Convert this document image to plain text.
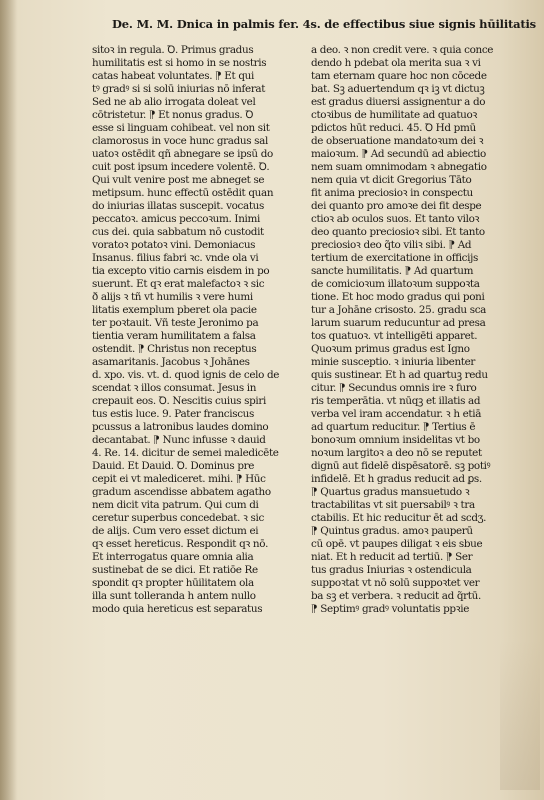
De. M. M. Dnica in palmis fer. 4s. de effectibus siue signis hūilitatis
sitoꝛ in regula. Ꝺ. Primus gradus
humilitatis est si homo in se nostris
catas habeat voluntates. ⁋ Et qui
tꝰ gradꝰ si si solū iniurias nō inferat
Sed ne ab alio irrogata doleat vel
cōtristetur. ⁋ Et nonus gradus. Ꝺ
esse si linguam cohibeat. vel non sit
clamorosus in voce hunc gradus sal
uatoꝛ ostēdit qñ abnegare se ipsū do
cuit post ipsum incedere volentē. Ꝺ.
Qui vult venire post me abneget se
metipsum. hunc effectū ostēdit quan
do iniurias illatas suscepit. vocatus
peccatoꝛ. amicus peccoꝛum. Inimi
cus dei. quia sabbatum nō custodit
voratoꝛ potatoꝛ vini. Demoniacus
Insanus. filius fabri ꝛc. vnde ola vi
tia excepto vitio carnis eisdem in po
suerunt. Et qꝛ erat malefactoꝛ ꝛ sic
ð alijs ꝛ tñ vt humilis ꝛ vere humi
litatis exemplum pberet ola pacie
ter poꝛtauit. Vñ teste Jeronimo pa
tientia veram humilitatem a falsa
ostendit. ⁋ Christus non receptus
asamaritanis. Jacobus ꝛ Johānes
d. xpo. vis. vt. d. quod ignis de celo de
scendat ꝛ illos consumat. Jesus in
crepauit eos. Ꝺ. Nescitis cuius spiri
tus estis luce. 9. Pater franciscus
pcussus a latronibus laudes domino
decantabat. ⁋ Nunc infusse ꝛ dauid
4. Re. 14. dicitur de semei maledicēte
Dauid. Et Dauid. Ꝺ. Dominus pre
cepit ei vt malediceret. mihi. ⁋ Hūc
gradum ascendisse abbatem agatho
nem dicit vita patrum. Qui cum di
ceretur superbus concedebat. ꝛ sic
de alijs. Cum vero esset dictum ei
qꝛ esset hereticus. Respondit qꝛ nō.
Et interrogatus quare omnia alia
sustinebat de se dici. Et ratiōe Re
spondit qꝛ propter hūilitatem ola
illa sunt tolleranda h antem nullo
modo quia hereticus est separatus
a deo. ꝛ non credit vere. ꝛ quia conce
dendo h pdebat ola merita sua ꝛ vi
tam eternam quare hoc non cōcede
bat. Sꝫ aduertendum qꝛ iꝫ vt dictuꝫ
est gradus diuersi assignentur a do
ctoꝛibus de humilitate ad quatuoꝛ
pdictos hūt reduci. 45. Ꝺ Hd pmū
de obseruatione mandatoꝛum dei ꝛ
maioꝛum. ⁋ Ad secundū ad abiectio
nem suam omnimodam ꝛ abnegatio
nem quia vt dicit Gregorius Tāto
fit anima preciosioꝛ in conspectu
dei quanto pro amoꝛe dei fit despe
ctioꝛ ab oculos suos. Et tanto viloꝛ
deo quanto preciosioꝛ sibi. Et tanto
preciosioꝛ deo q̃to viliꝛ sibi. ⁋ Ad
tertium de exercitatione in officijs
sancte humilitatis. ⁋ Ad quartum
de comicioꝛum illatoꝛum suppoꝛta
tione. Et hoc modo gradus qui poni
tur a Johāne crisosto. 25. gradu sca
larum suarum reducuntur ad presa
tos quatuoꝛ. vt intelligēti apparet.
Quoꝛum primus gradus est Igno
minie susceptio. ꝛ iniuria libenter
quis sustinear. Et h ad quartuꝫ redu
citur. ⁋ Secundus omnis ire ꝛ furo
ris temperātia. vt nūqꝫ et illatis ad
verba vel iram accendatur. ꝛ h etiā
ad quartum reducitur. ⁋ Tertius ē
bonoꝛum omnium insidelitas vt bo
noꝛum largitoꝛ a deo nō se reputet
dignū aut fidelē dispēsatorē. sꝫ potiꝰ
infidelē. Et h gradus reducit ad ꝑs.
⁋ Quartus gradus mansuetudo ꝛ
tractabilitas vt sit puersabilꝰ ꝛ tra
ctabilis. Et hic reducitur ēt ad scdʒ.
⁋ Quintus gradus. amoꝛ pauperū
cū opē. vt paupes diligat ꝛ eis sbue
niat. Et h reducit ad tertiū. ⁋ Ser
tus gradus Iniurias ꝛ ostendicula
suppoꝛtat vt nō solū suppoꝛtet ver
ba sꝫ et verbera. ꝛ reducit ad q̃rtū.
⁋ Septimꝰ gradꝰ voluntatis ppꝛie
